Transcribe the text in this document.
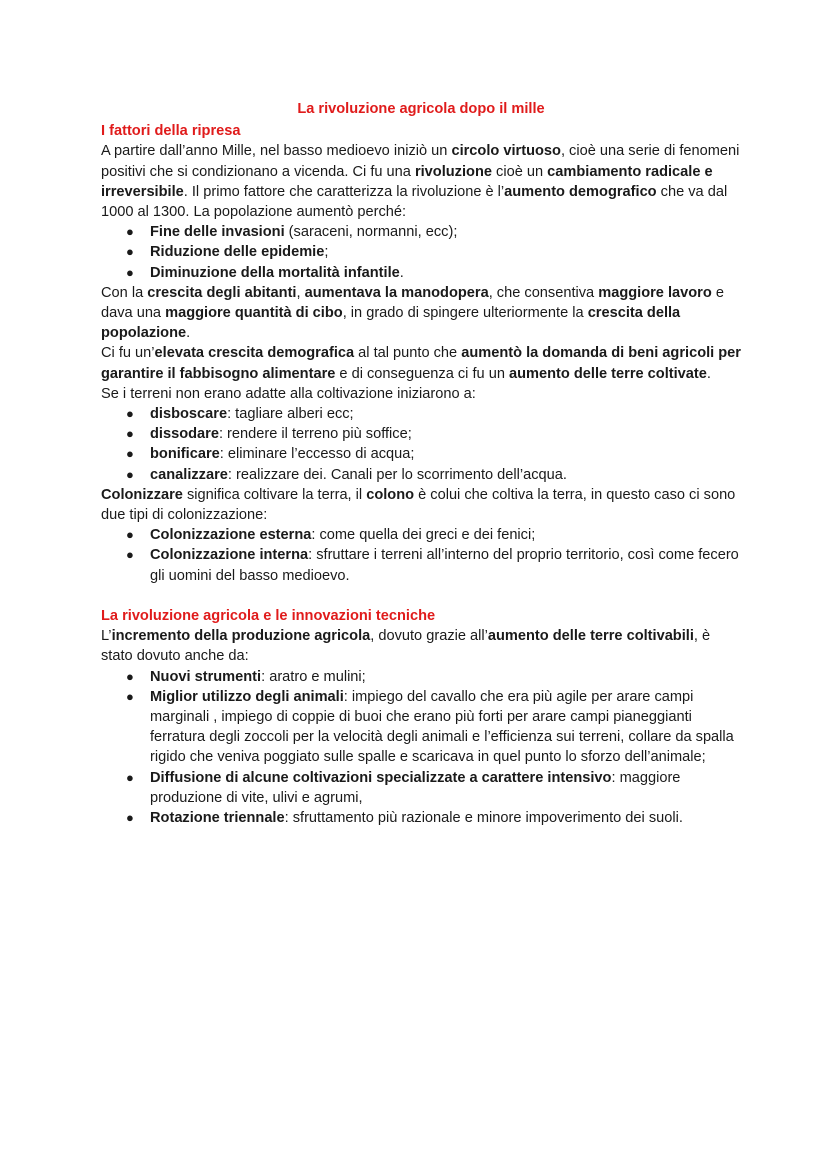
La rivoluzione agricola dopo il mille

I fattori della ripresa

A partire dall’anno Mille, nel basso medioevo iniziò un circolo virtuoso, cioè una serie di fenomeni positivi che si condizionano a vicenda. Ci fu una rivoluzione cioè un cambiamento radicale e irreversibile. Il primo fattore che caratterizza la rivoluzione è l’aumento demografico che va dal 1000 al 1300. La popolazione aumentò perché:

● Fine delle invasioni (saraceni, normanni, ecc);
● Riduzione delle epidemie;
● Diminuzione della mortalità infantile.

Con la crescita degli abitanti, aumentava la manodopera, che consentiva maggiore lavoro e dava una maggiore quantità di cibo, in grado di spingere ulteriormente la crescita della popolazione.

Ci fu un’elevata crescita demografica al tal punto che aumentò la domanda di beni agricoli per garantire il fabbisogno alimentare e di conseguenza ci fu un aumento delle terre coltivate.

Se i terreni non erano adatte alla coltivazione iniziarono a:

● disboscare: tagliare alberi ecc;
● dissodare: rendere il terreno più soffice;
● bonificare: eliminare l’eccesso di acqua;
● canalizzare: realizzare dei. Canali per lo scorrimento dell’acqua.

Colonizzare significa coltivare la terra, il colono è colui che coltiva la terra, in questo caso ci sono due tipi di colonizzazione:

● Colonizzazione esterna: come quella dei greci e dei fenici;
● Colonizzazione interna: sfruttare i terreni all’interno del proprio territorio, così come fecero gli uomini del basso medioevo.

La rivoluzione agricola e le innovazioni tecniche

L’incremento della produzione agricola, dovuto grazie all’aumento delle terre coltivabili, è stato dovuto anche da:

● Nuovi strumenti: aratro e mulini;
● Miglior utilizzo degli animali: impiego del cavallo che era più agile per arare campi marginali , impiego di coppie di buoi che erano più forti per arare campi pianeggianti ferratura degli zoccoli per la velocità degli animali e l’efficienza sui terreni, collare da spalla rigido che veniva poggiato sulle spalle e scaricava in quel punto lo sforzo dell’animale;
● Diffusione di alcune coltivazioni specializzate a carattere intensivo: maggiore produzione di vite, ulivi e agrumi,
● Rotazione triennale: sfruttamento più razionale e minore impoverimento dei suoli.
